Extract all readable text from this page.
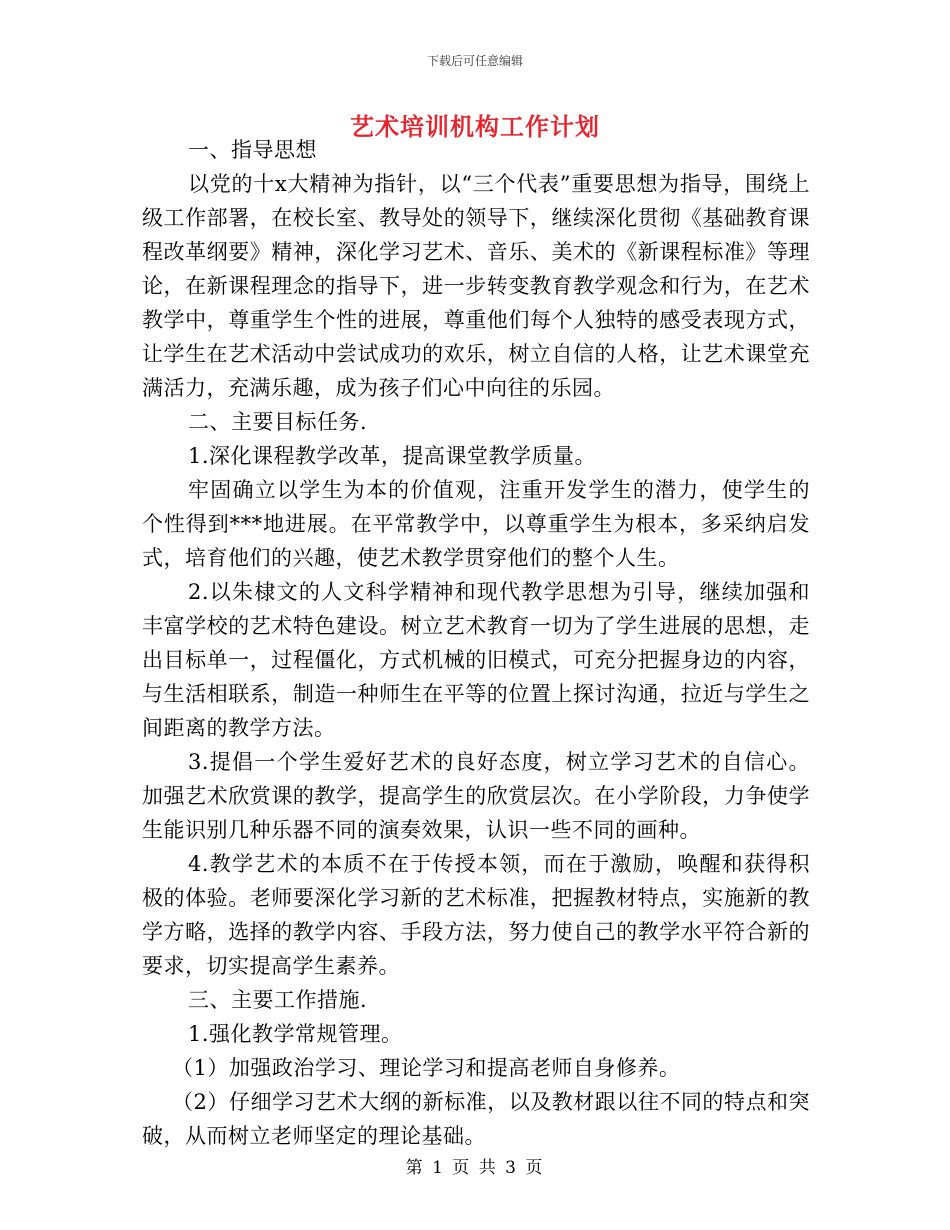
下载后可任意编辑
艺术培训机构工作计划

一、指导思想

以党的十x大精神为指针，以“三个代表”重要思想为指导，围绕上级工作部署，在校长室、教导处的领导下，继续深化贯彻《基础教育课程改革纲要》精神，深化学习艺术、音乐、美术的《新课程标准》等理论，在新课程理念的指导下，进一步转变教育教学观念和行为，在艺术教学中，尊重学生个性的进展，尊重他们每个人独特的感受表现方式，让学生在艺术活动中尝试成功的欢乐，树立自信的人格，让艺术课堂充满活力，充满乐趣，成为孩子们心中向往的乐园。

二、主要目标任务.

1.深化课程教学改革，提高课堂教学质量。

牢固确立以学生为本的价值观，注重开发学生的潜力，使学生的个性得到***地进展。在平常教学中，以尊重学生为根本，多采纳启发式，培育他们的兴趣，使艺术教学贯穿他们的整个人生。

2.以朱棣文的人文科学精神和现代教学思想为引导，继续加强和丰富学校的艺术特色建设。树立艺术教育一切为了学生进展的思想，走出目标单一，过程僵化，方式机械的旧模式，可充分把握身边的内容，与生活相联系，制造一种师生在平等的位置上探讨沟通，拉近与学生之间距离的教学方法。

3.提倡一个学生爱好艺术的良好态度，树立学习艺术的自信心。加强艺术欣赏课的教学，提高学生的欣赏层次。在小学阶段，力争使学生能识别几种乐器不同的演奏效果，认识一些不同的画种。

4.教学艺术的本质不在于传授本领，而在于激励，唤醒和获得积极的体验。老师要深化学习新的艺术标准，把握教材特点，实施新的教学方略，选择的教学内容、手段方法，努力使自己的教学水平符合新的要求，切实提高学生素养。

三、主要工作措施.

1.强化教学常规管理。

（1）加强政治学习、理论学习和提高老师自身修养。

（2）仔细学习艺术大纲的新标准，以及教材跟以往不同的特点和突破，从而树立老师坚定的理论基础。

第 1 页 共 3 页
